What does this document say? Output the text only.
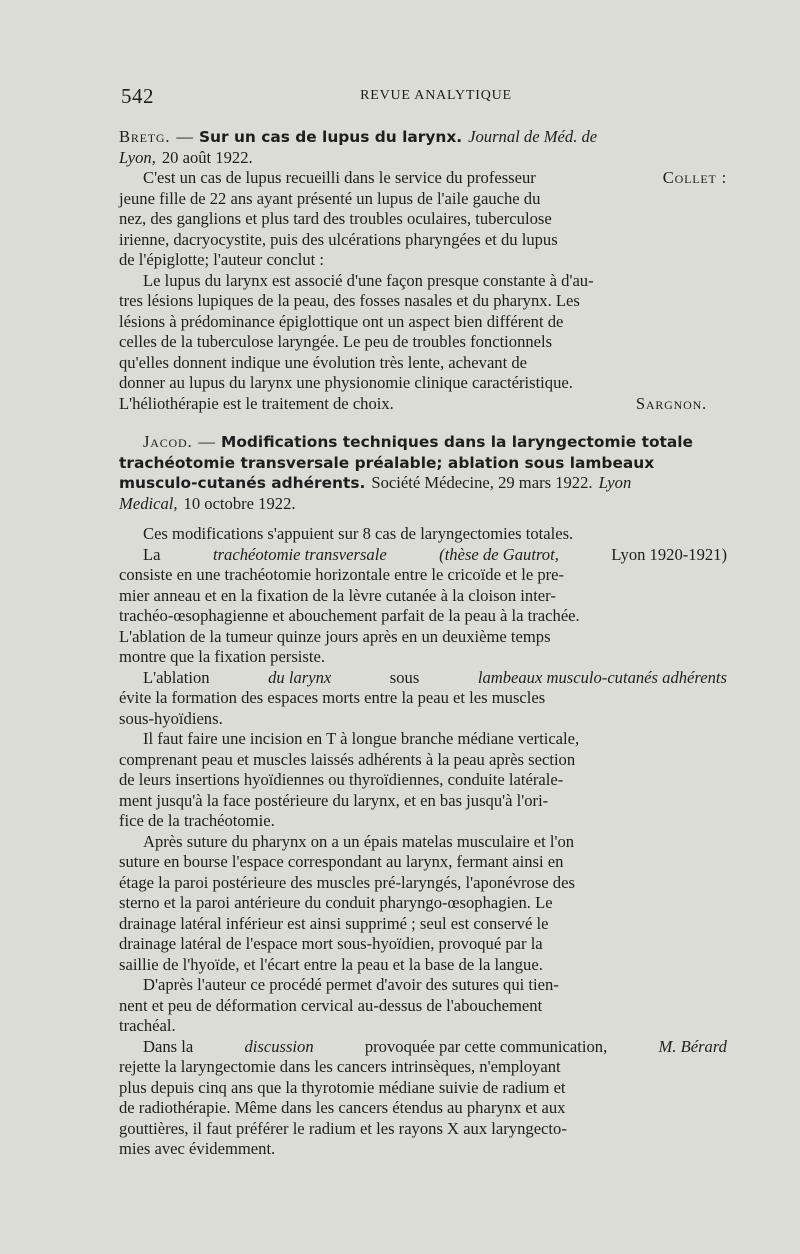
542	REVUE ANALYTIQUE
Bretg. — Sur un cas de lupus du larynx. Journal de Méd. de
Lyon, 20 août 1922.
C'est un cas de lupus recueilli dans le service du professeur	Collet :
jeune fille de 22 ans ayant présenté un lupus de l'aile gauche du
nez, des ganglions et plus tard des troubles oculaires, tuberculose
irienne, dacryocystite, puis des ulcérations pharyngées et du lupus
de l'épiglotte; l'auteur conclut :
Le lupus du larynx est associé d'une façon presque constante à d'au-
tres lésions lupiques de la peau, des fosses nasales et du pharynx. Les
lésions à prédominance épiglottique ont un aspect bien différent de
celles de la tuberculose laryngée. Le peu de troubles fonctionnels
qu'elles donnent indique une évolution très lente, achevant de
donner au lupus du larynx une physionomie clinique caractéristique.
L'héliothérapie est le traitement de choix.	Sargnon.
Jacod. — Modifications techniques dans la laryngectomie totale
trachéotomie transversale préalable; ablation sous lambeaux
musculo-cutanés adhérents. Société Médecine, 29 mars 1922. Lyon
Medical, 10 octobre 1922.
Ces modifications s'appuient sur 8 cas de laryngectomies totales.
La	trachéotomie transversale	(thèse de Gautrot,	Lyon 1920-1921)
consiste en une trachéotomie horizontale entre le cricoïde et le pre-
mier anneau et en la fixation de la lèvre cutanée à la cloison inter-
trachéo-œsophagienne et abouchement parfait de la peau à la trachée.
L'ablation de la tumeur quinze jours après en un deuxième temps
montre que la fixation persiste.
L'ablation	du larynx	sous	lambeaux musculo-cutanés adhérents
évite la formation des espaces morts entre la peau et les muscles
sous-hyoïdiens.
Il faut faire une incision en T à longue branche médiane verticale,
comprenant peau et muscles laissés adhérents à la peau après section
de leurs insertions hyoïdiennes ou thyroïdiennes, conduite latérale-
ment jusqu'à la face postérieure du larynx, et en bas jusqu'à l'ori-
fice de la trachéotomie.
Après suture du pharynx on a un épais matelas musculaire et l'on
suture en bourse l'espace correspondant au larynx, fermant ainsi en
étage la paroi postérieure des muscles pré-laryngés, l'aponévrose des
sterno et la paroi antérieure du conduit pharyngo-œsophagien. Le
drainage latéral inférieur est ainsi supprimé ; seul est conservé le
drainage latéral de l'espace mort sous-hyoïdien, provoqué par la
saillie de l'hyoïde, et l'écart entre la peau et la base de la langue.
D'après l'auteur ce procédé permet d'avoir des sutures qui tien-
nent et peu de déformation cervical au-dessus de l'abouchement
trachéal.
Dans la	discussion	provoquée par cette communication,	M. Bérard
rejette la laryngectomie dans les cancers intrinsèques, n'employant
plus depuis cinq ans que la thyrotomie médiane suivie de radium et
de radiothérapie. Même dans les cancers étendus au pharynx et aux
gouttières, il faut préférer le radium et les rayons X aux laryngecto-
mies avec évidemment.
